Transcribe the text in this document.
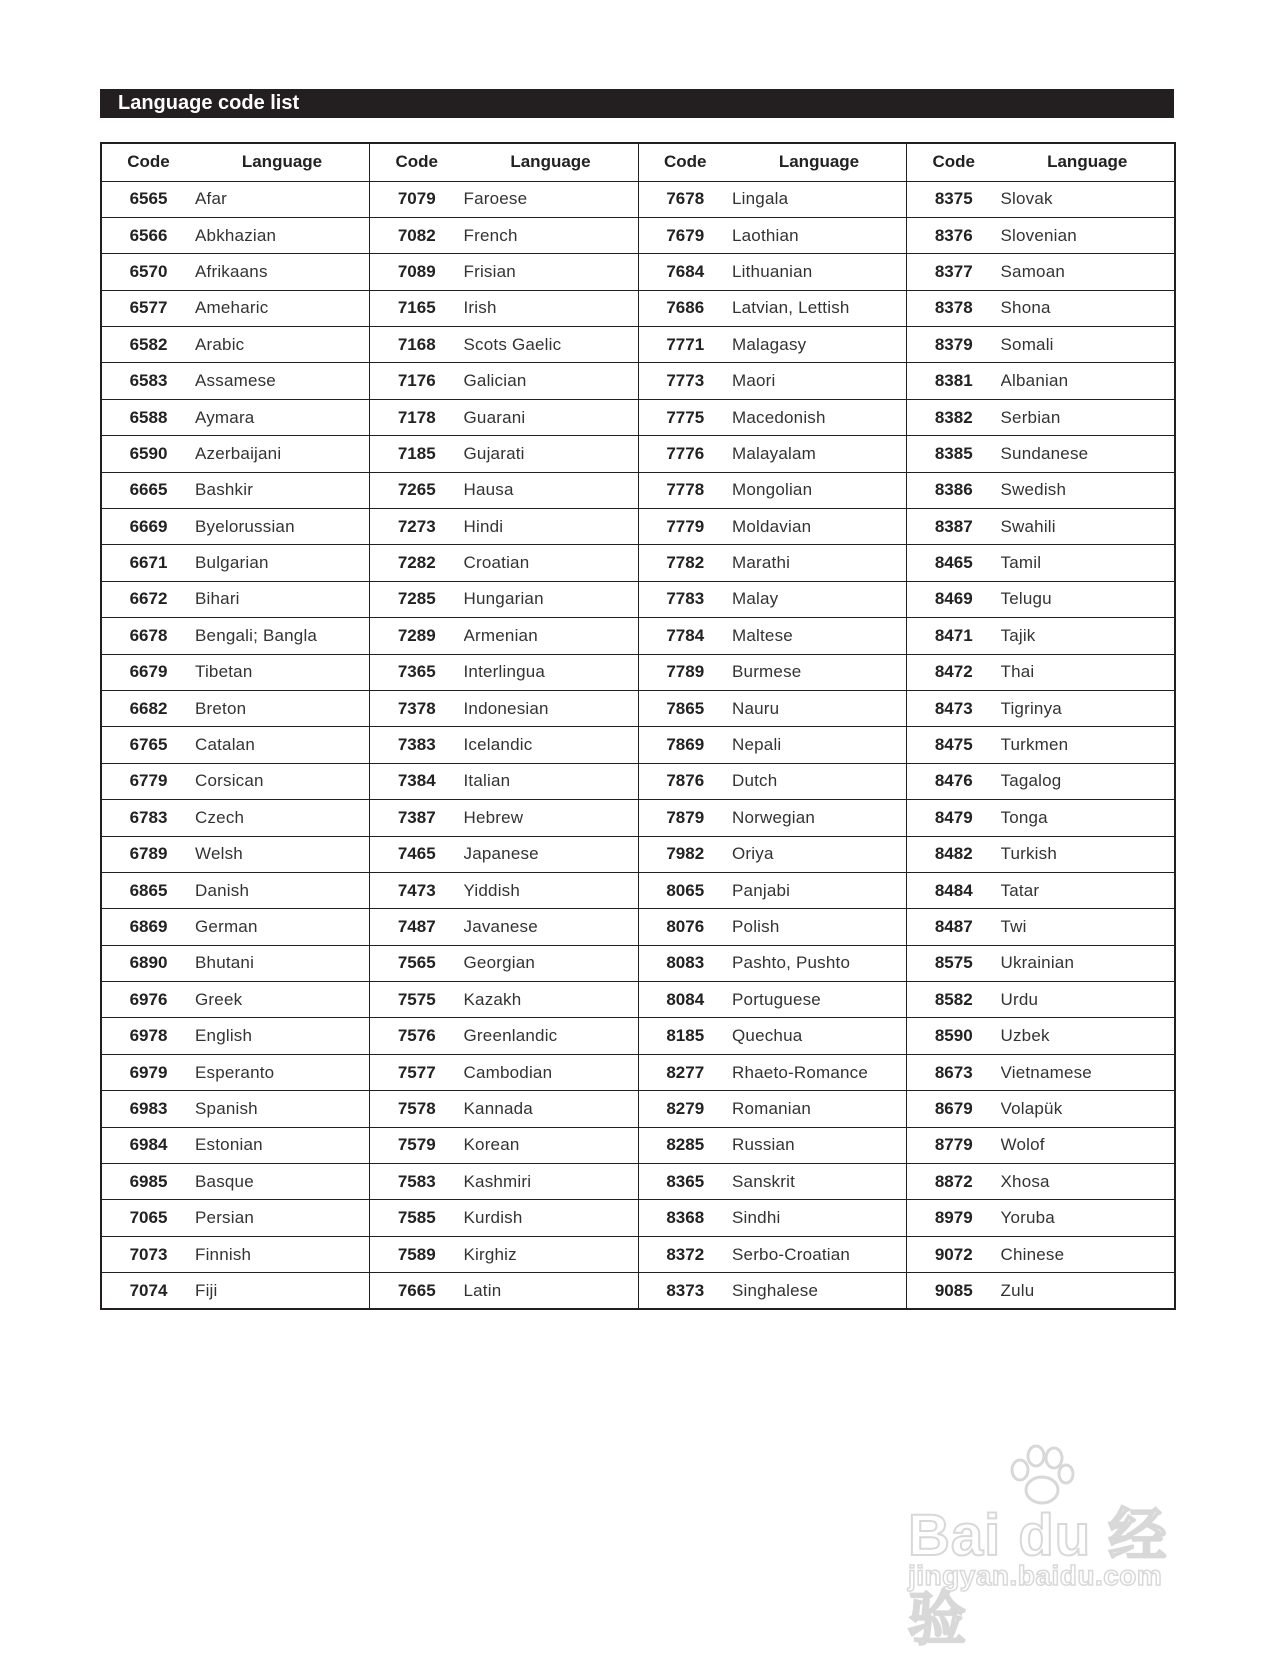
Language code list
Code	Language	Code	Language	Code	Language	Code	Language
6565	Afar	7079	Faroese	7678	Lingala	8375	Slovak
6566	Abkhazian	7082	French	7679	Laothian	8376	Slovenian
6570	Afrikaans	7089	Frisian	7684	Lithuanian	8377	Samoan
6577	Ameharic	7165	Irish	7686	Latvian, Lettish	8378	Shona
6582	Arabic	7168	Scots Gaelic	7771	Malagasy	8379	Somali
6583	Assamese	7176	Galician	7773	Maori	8381	Albanian
6588	Aymara	7178	Guarani	7775	Macedonish	8382	Serbian
6590	Azerbaijani	7185	Gujarati	7776	Malayalam	8385	Sundanese
6665	Bashkir	7265	Hausa	7778	Mongolian	8386	Swedish
6669	Byelorussian	7273	Hindi	7779	Moldavian	8387	Swahili
6671	Bulgarian	7282	Croatian	7782	Marathi	8465	Tamil
6672	Bihari	7285	Hungarian	7783	Malay	8469	Telugu
6678	Bengali; Bangla	7289	Armenian	7784	Maltese	8471	Tajik
6679	Tibetan	7365	Interlingua	7789	Burmese	8472	Thai
6682	Breton	7378	Indonesian	7865	Nauru	8473	Tigrinya
6765	Catalan	7383	Icelandic	7869	Nepali	8475	Turkmen
6779	Corsican	7384	Italian	7876	Dutch	8476	Tagalog
6783	Czech	7387	Hebrew	7879	Norwegian	8479	Tonga
6789	Welsh	7465	Japanese	7982	Oriya	8482	Turkish
6865	Danish	7473	Yiddish	8065	Panjabi	8484	Tatar
6869	German	7487	Javanese	8076	Polish	8487	Twi
6890	Bhutani	7565	Georgian	8083	Pashto, Pushto	8575	Ukrainian
6976	Greek	7575	Kazakh	8084	Portuguese	8582	Urdu
6978	English	7576	Greenlandic	8185	Quechua	8590	Uzbek
6979	Esperanto	7577	Cambodian	8277	Rhaeto-Romance	8673	Vietnamese
6983	Spanish	7578	Kannada	8279	Romanian	8679	Volapük
6984	Estonian	7579	Korean	8285	Russian	8779	Wolof
6985	Basque	7583	Kashmiri	8365	Sanskrit	8872	Xhosa
7065	Persian	7585	Kurdish	8368	Sindhi	8979	Yoruba
7073	Finnish	7589	Kirghiz	8372	Serbo-Croatian	9072	Chinese
7074	Fiji	7665	Latin	8373	Singhalese	9085	Zulu
Bai du 经验
jingyan.baidu.com
